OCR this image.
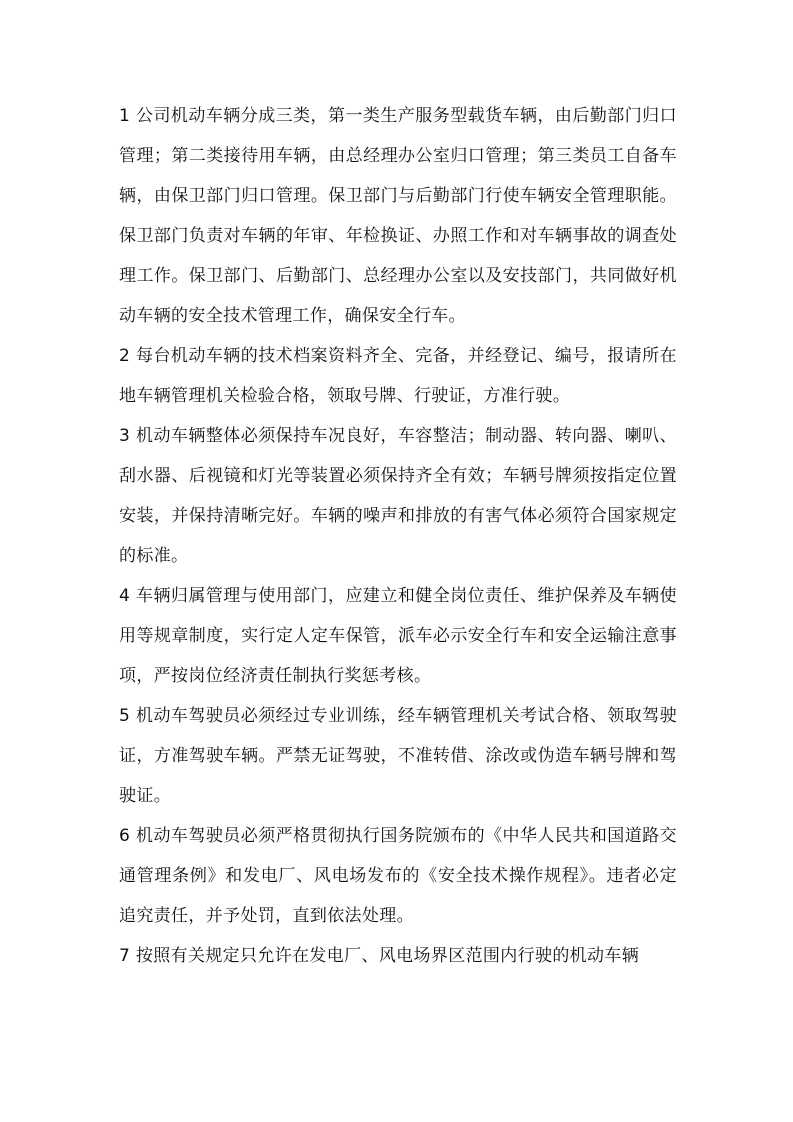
1 公司机动车辆分成三类，第一类生产服务型载货车辆，由后勤部门归口管理；第二类接待用车辆，由总经理办公室归口管理；第三类员工自备车辆，由保卫部门归口管理。保卫部门与后勤部门行使车辆安全管理职能。保卫部门负责对车辆的年审、年检换证、办照工作和对车辆事故的调查处理工作。保卫部门、后勤部门、总经理办公室以及安技部门，共同做好机动车辆的安全技术管理工作，确保安全行车。

2 每台机动车辆的技术档案资料齐全、完备，并经登记、编号，报请所在地车辆管理机关检验合格，领取号牌、行驶证，方准行驶。

3 机动车辆整体必须保持车况良好，车容整洁；制动器、转向器、喇叭、刮水器、后视镜和灯光等装置必须保持齐全有效；车辆号牌须按指定位置安装，并保持清晰完好。车辆的噪声和排放的有害气体必须符合国家规定的标准。

4 车辆归属管理与使用部门，应建立和健全岗位责任、维护保养及车辆使用等规章制度，实行定人定车保管，派车必示安全行车和安全运输注意事项，严按岗位经济责任制执行奖惩考核。

5 机动车驾驶员必须经过专业训练，经车辆管理机关考试合格、领取驾驶证，方准驾驶车辆。严禁无证驾驶，不准转借、涂改或伪造车辆号牌和驾驶证。

6 机动车驾驶员必须严格贯彻执行国务院颁布的《中华人民共和国道路交通管理条例》和发电厂、风电场发布的《安全技术操作规程》。违者必定追究责任，并予处罚，直到依法处理。

7 按照有关规定只允许在发电厂、风电场界区范围内行驶的机动车辆
